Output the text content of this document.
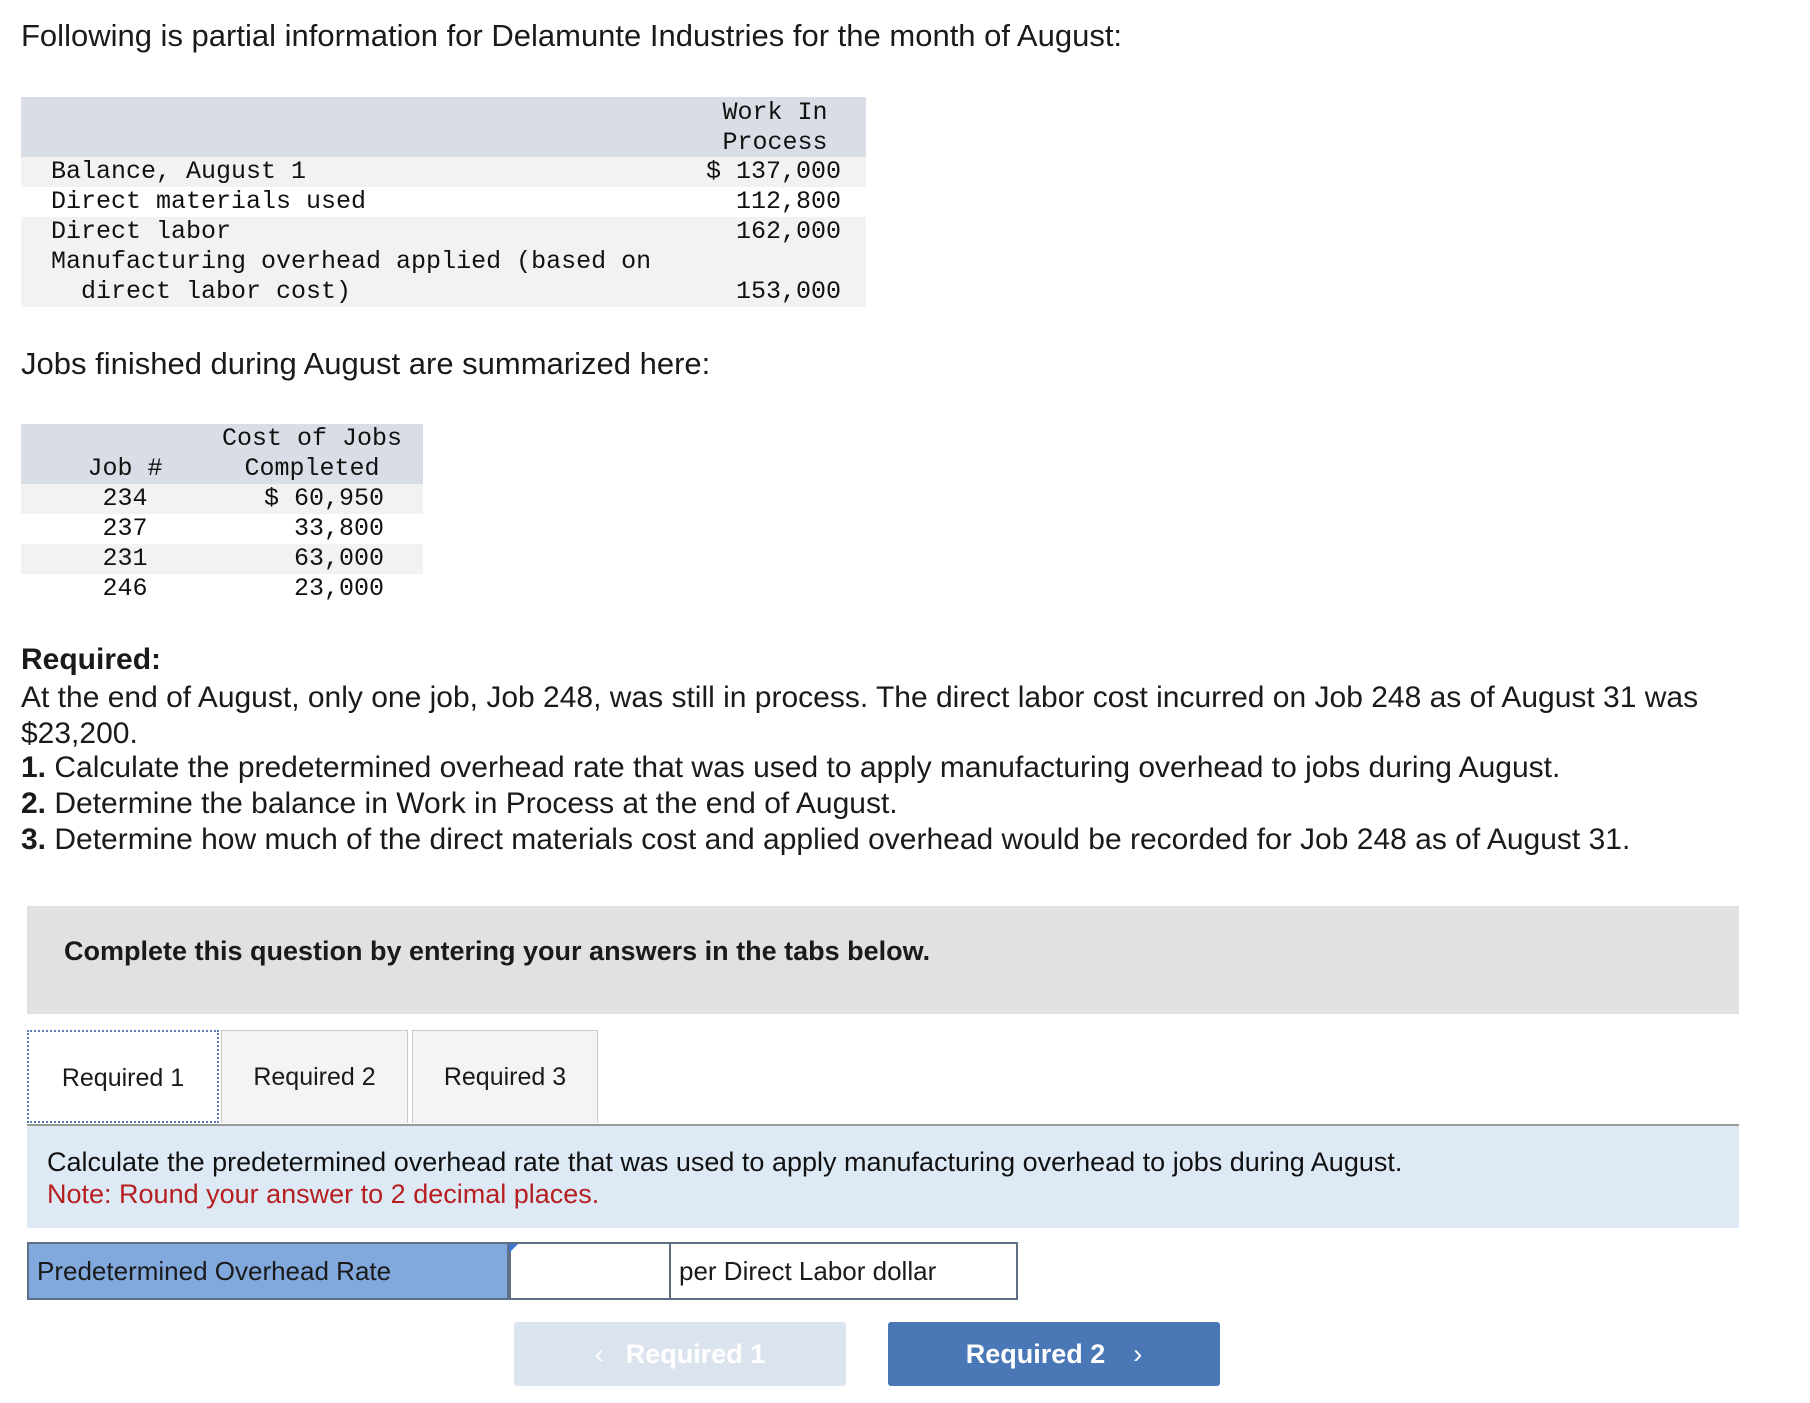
Following is partial information for Delamunte Industries for the month of August:
Work In
Process
Balance, August 1	$ 137,000
Direct materials used	112,800
Direct labor	162,000
Manufacturing overhead applied (based on
direct labor cost)	153,000
Jobs finished during August are summarized here:
Cost of Jobs
Job #	Completed
234	$ 60,950
237	33,800
231	63,000
246	23,000
Required:
At the end of August, only one job, Job 248, was still in process. The direct labor cost incurred on Job 248 as of August 31 was $23,200.
1. Calculate the predetermined overhead rate that was used to apply manufacturing overhead to jobs during August.
2. Determine the balance in Work in Process at the end of August.
3. Determine how much of the direct materials cost and applied overhead would be recorded for Job 248 as of August 31.
Complete this question by entering your answers in the tabs below.
Required 1	Required 2	Required 3
Calculate the predetermined overhead rate that was used to apply manufacturing overhead to jobs during August.
Note: Round your answer to 2 decimal places.
Predetermined Overhead Rate	per Direct Labor dollar
‹ Required 1	Required 2 ›
